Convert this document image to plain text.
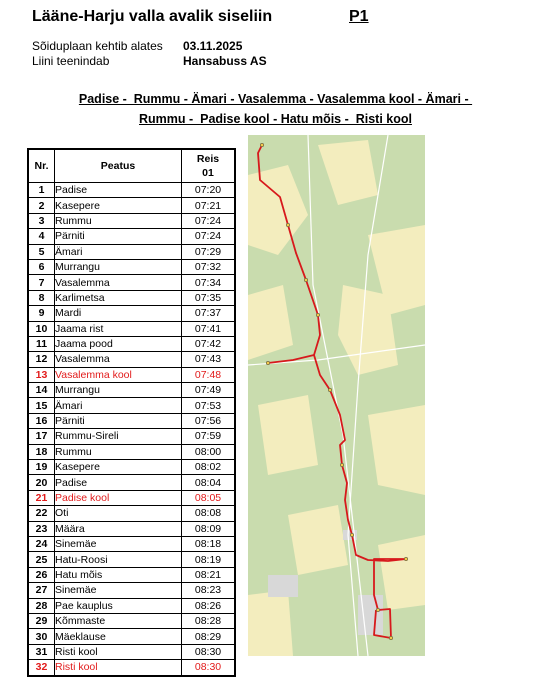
Lääne-Harju valla avalik siseliin	P1
Sõiduplaan kehtib alates 03.11.2025
Liini teenindab	Hansabuss AS
Padise -  Rummu - Ämari - Vasalemma - Vasalemma kool - Ämari -
Rummu -  Padise kool - Hatu mõis -  Risti kool
Nr.	Peatus	Reis
01

1	Padise	07:20
2	Kasepere	07:21
3	Rummu	07:24
4	Pärniti	07:24
5	Ämari	07:29
6	Murrangu	07:32
7	Vasalemma	07:34
8	Karlimetsa	07:35
9	Mardi	07:37
10	Jaama rist	07:41
11	Jaama pood	07:42
12	Vasalemma	07:43
13	Vasalemma kool	07:48
14	Murrangu	07:49
15	Ämari	07:53
16	Pärniti	07:56
17	Rummu-Sireli	07:59
18	Rummu	08:00
19	Kasepere	08:02
20	Padise	08:04
21	Padise kool	08:05
22	Oti	08:08
23	Määra	08:09
24	Sinemäe	08:18
25	Hatu-Roosi	08:19
26	Hatu mõis	08:21
27	Sinemäe	08:23
28	Pae kauplus	08:26
29	Kõmmaste	08:28
30	Mäeklause	08:29
31	Risti kool	08:30
32	Risti kool	08:30
